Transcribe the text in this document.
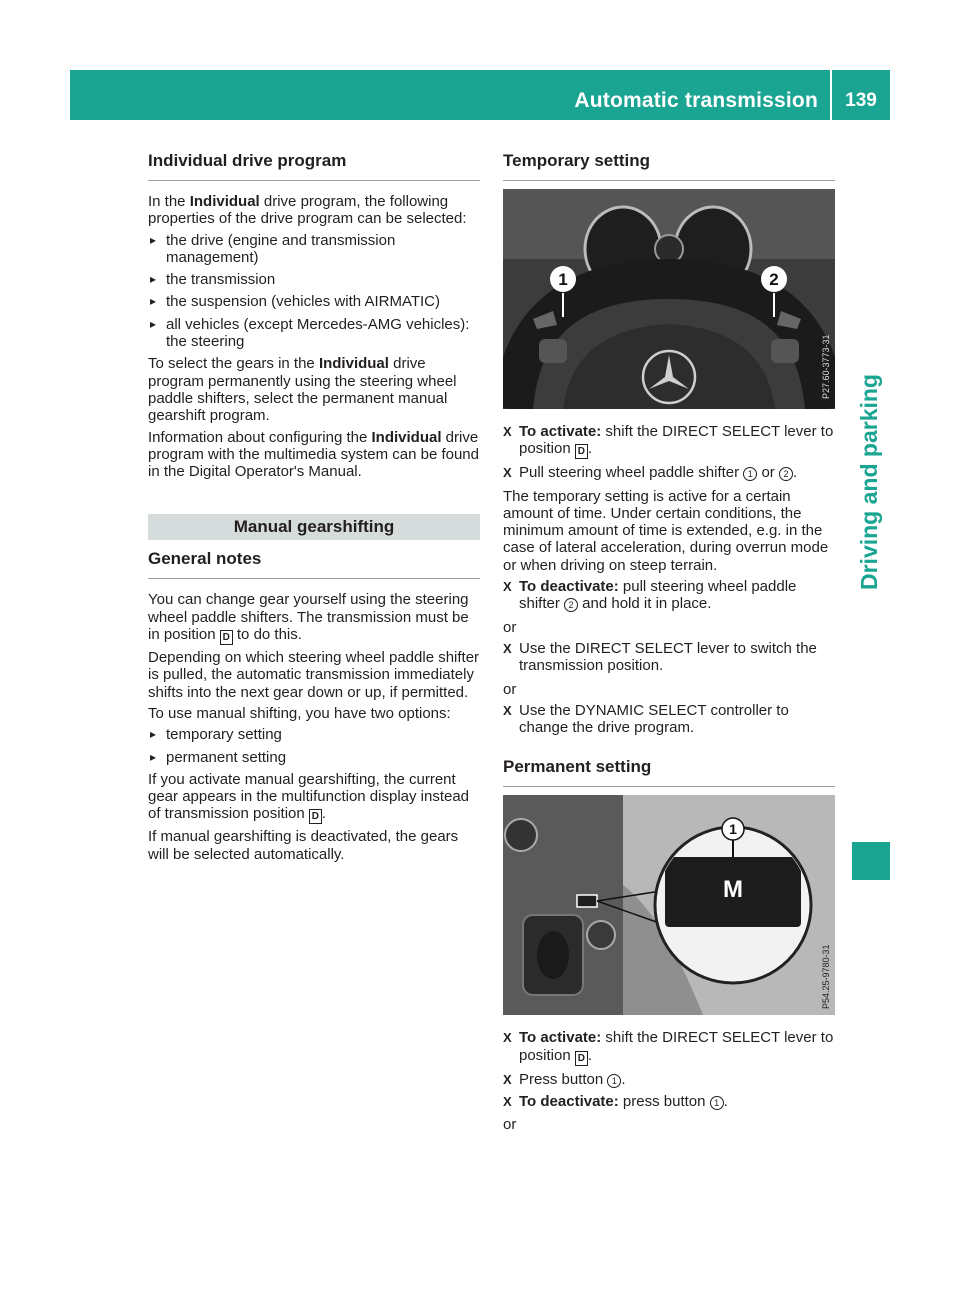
Automatic transmission	139
Driving and parking
Individual drive program

In the Individual drive program, the following properties of the drive program can be selected:

▸ the drive (engine and transmission management)
▸ the transmission
▸ the suspension (vehicles with AIRMATIC)
▸ all vehicles (except Mercedes-AMG vehicles): the steering

To select the gears in the Individual drive program permanently using the steering wheel paddle shifters, select the permanent manual gearshift program.

Information about configuring the Individual drive program with the multimedia system can be found in the Digital Operator's Manual.

Manual gearshifting
General notes

You can change gear yourself using the steering wheel paddle shifters. The transmission must be in position D to do this.

Depending on which steering wheel paddle shifter is pulled, the automatic transmission immediately shifts into the next gear down or up, if permitted.

To use manual shifting, you have two options:

▸ temporary setting
▸ permanent setting

If you activate manual gearshifting, the current gear appears in the multifunction display instead of transmission position D .

If manual gearshifting is deactivated, the gears will be selected automatically.

Temporary setting
1	2
P27.60-3773-31
X To activate: shift the DIRECT SELECT lever to position D .
X Pull steering wheel paddle shifter 1 or 2 .

The temporary setting is active for a certain amount of time. Under certain conditions, the minimum amount of time is extended, e.g. in the case of lateral acceleration, during overrun mode or when driving on steep terrain.

X To deactivate: pull steering wheel paddle shifter 2 and hold it in place.

or

X Use the DIRECT SELECT lever to switch the transmission position.

or

X Use the DYNAMIC SELECT controller to change the drive program.
Permanent setting
1
M
P54.25-9780-31
X To activate: shift the DIRECT SELECT lever to position D .
X Press button 1 .
X To deactivate: press button 1 .

or
